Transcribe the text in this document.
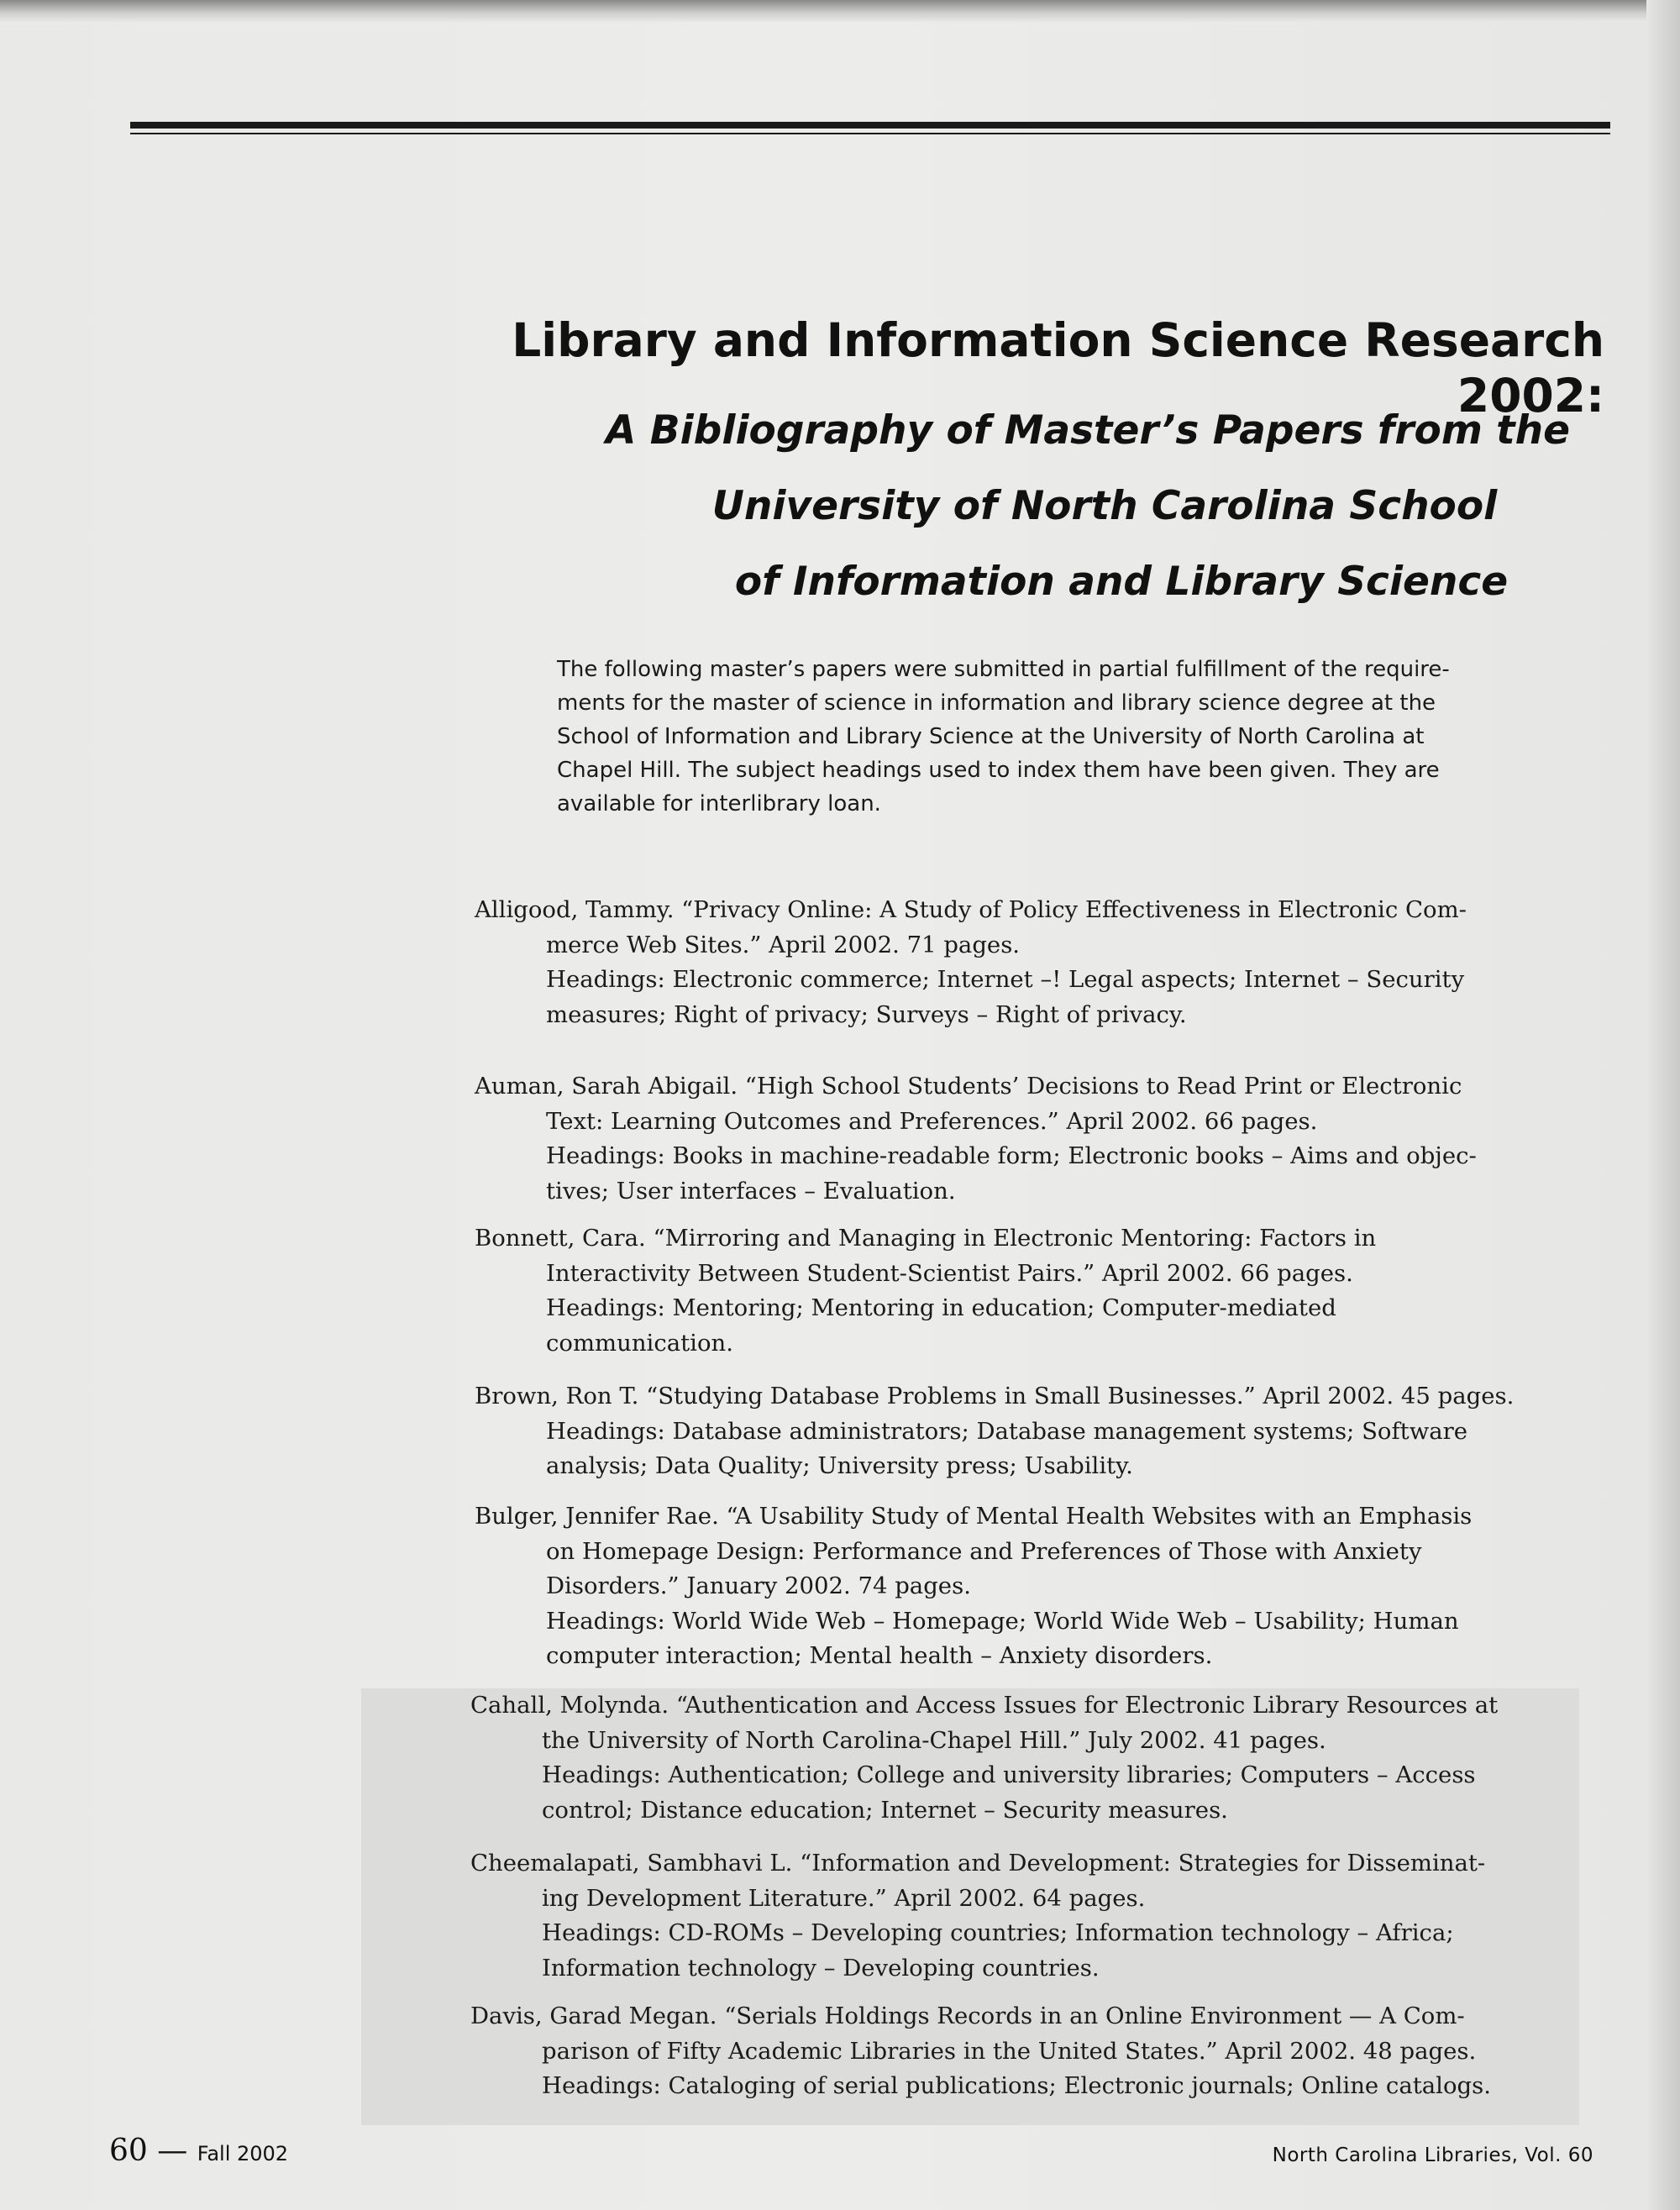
Library and Information Science Research 2002:
A Bibliography of Master’s Papers from the
University of North Carolina School
of Information and Library Science
The following master’s papers were submitted in partial fulfillment of the require-
ments for the master of science in information and library science degree at the
School of Information and Library Science at the University of North Carolina at
Chapel Hill. The subject headings used to index them have been given. They are
available for interlibrary loan.
Alligood, Tammy. “Privacy Online: A Study of Policy Effectiveness in Electronic Com-
merce Web Sites.” April 2002. 71 pages.
Headings: Electronic commerce; Internet –! Legal aspects; Internet – Security
measures; Right of privacy; Surveys – Right of privacy.
Auman, Sarah Abigail. “High School Students’ Decisions to Read Print or Electronic
Text: Learning Outcomes and Preferences.” April 2002. 66 pages.
Headings: Books in machine-readable form; Electronic books – Aims and objec-
tives; User interfaces – Evaluation.
Bonnett, Cara. “Mirroring and Managing in Electronic Mentoring: Factors in
Interactivity Between Student-Scientist Pairs.” April 2002. 66 pages.
Headings: Mentoring; Mentoring in education; Computer-mediated
communication.
Brown, Ron T. “Studying Database Problems in Small Businesses.” April 2002. 45 pages.
Headings: Database administrators; Database management systems; Software
analysis; Data Quality; University press; Usability.
Bulger, Jennifer Rae. “A Usability Study of Mental Health Websites with an Emphasis
on Homepage Design: Performance and Preferences of Those with Anxiety
Disorders.” January 2002. 74 pages.
Headings: World Wide Web – Homepage; World Wide Web – Usability; Human
computer interaction; Mental health – Anxiety disorders.
Cahall, Molynda. “Authentication and Access Issues for Electronic Library Resources at
the University of North Carolina-Chapel Hill.” July 2002. 41 pages.
Headings: Authentication; College and university libraries; Computers – Access
control; Distance education; Internet – Security measures.
Cheemalapati, Sambhavi L. “Information and Development: Strategies for Disseminat-
ing Development Literature.” April 2002. 64 pages.
Headings: CD-ROMs – Developing countries; Information technology – Africa;
Information technology – Developing countries.
Davis, Garad Megan. “Serials Holdings Records in an Online Environment — A Com-
parison of Fifty Academic Libraries in the United States.” April 2002. 48 pages.
Headings: Cataloging of serial publications; Electronic journals; Online catalogs.
60 — Fall 2002	North Carolina Libraries, Vol. 60
